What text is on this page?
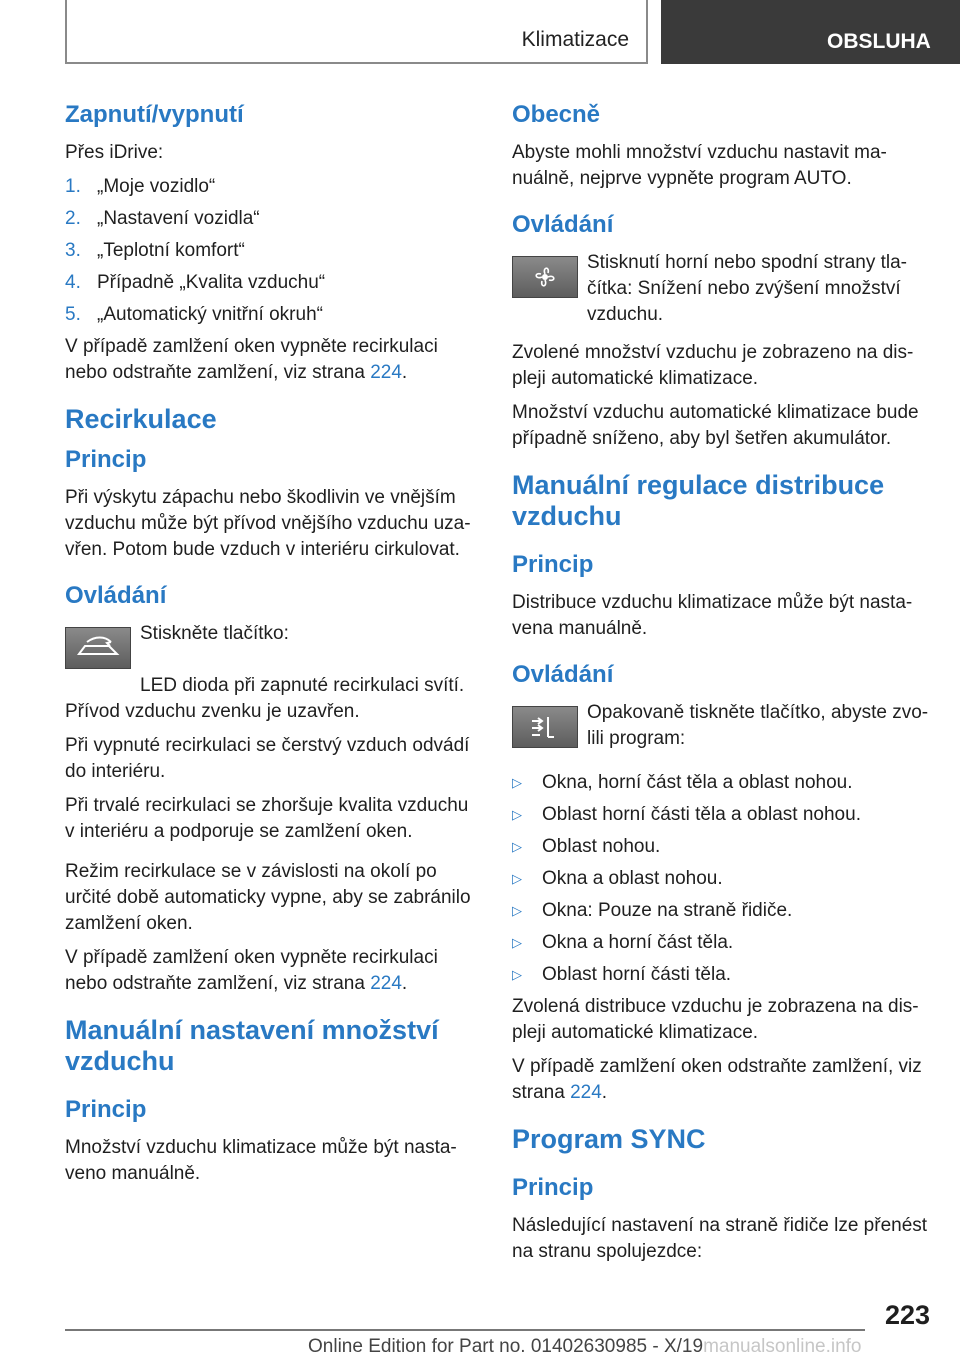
Klimatizace	OBSLUHA
Zapnutí/vypnutí

Přes iDrive:

1. „Moje vozidlo“
2. „Nastavení vozidla“
3. „Teplotní komfort“
4. Případně „Kvalita vzduchu“
5. „Automatický vnitřní okruh“

V případě zamlžení oken vypněte recirkulaci nebo odstraňte zamlžení, viz strana 224.

Recirkulace
Princip

Při výskytu zápachu nebo škodlivin ve vnějším vzduchu může být přívod vnějšího vzduchu uza-vřen. Potom bude vzduch v interiéru cirkulovat.

Ovládání

Stiskněte tlačítko:

LED dioda při zapnuté recirkulaci svítí. Přívod vzduchu zvenku je uzavřen.

Při vypnuté recirkulaci se čerstvý vzduch odvádí do interiéru.

Při trvalé recirkulaci se zhoršuje kvalita vzduchu v interiéru a podporuje se zamlžení oken.

Režim recirkulace se v závislosti na okolí po určité době automaticky vypne, aby se zabránilo zamlžení oken.

V případě zamlžení oken vypněte recirkulaci nebo odstraňte zamlžení, viz strana 224.

Manuální nastavení množství vzduchu
Princip

Množství vzduchu klimatizace může být nasta-veno manuálně.

Obecně

Abyste mohli množství vzduchu nastavit ma-nuálně, nejprve vypněte program AUTO.

Ovládání

Stisknutí horní nebo spodní strany tla-čítka: Snížení nebo zvýšení množství vzduchu.

Zvolené množství vzduchu je zobrazeno na dis-pleji automatické klimatizace.

Množství vzduchu automatické klimatizace bude případně sníženo, aby byl šetřen akumulátor.

Manuální regulace distribuce vzduchu
Princip

Distribuce vzduchu klimatizace může být nasta-vena manuálně.

Ovládání

Opakovaně tiskněte tlačítko, abyste zvo-lili program:

▷ Okna, horní část těla a oblast nohou.
▷ Oblast horní části těla a oblast nohou.
▷ Oblast nohou.
▷ Okna a oblast nohou.
▷ Okna: Pouze na straně řidiče.
▷ Okna a horní část těla.
▷ Oblast horní části těla.

Zvolená distribuce vzduchu je zobrazena na dis-pleji automatické klimatizace.

V případě zamlžení oken odstraňte zamlžení, viz strana 224.

Program SYNC
Princip

Následující nastavení na straně řidiče lze přenést na stranu spolujezdce:

223
Online Edition for Part no. 01402630985 - X/19manualsonline.info
